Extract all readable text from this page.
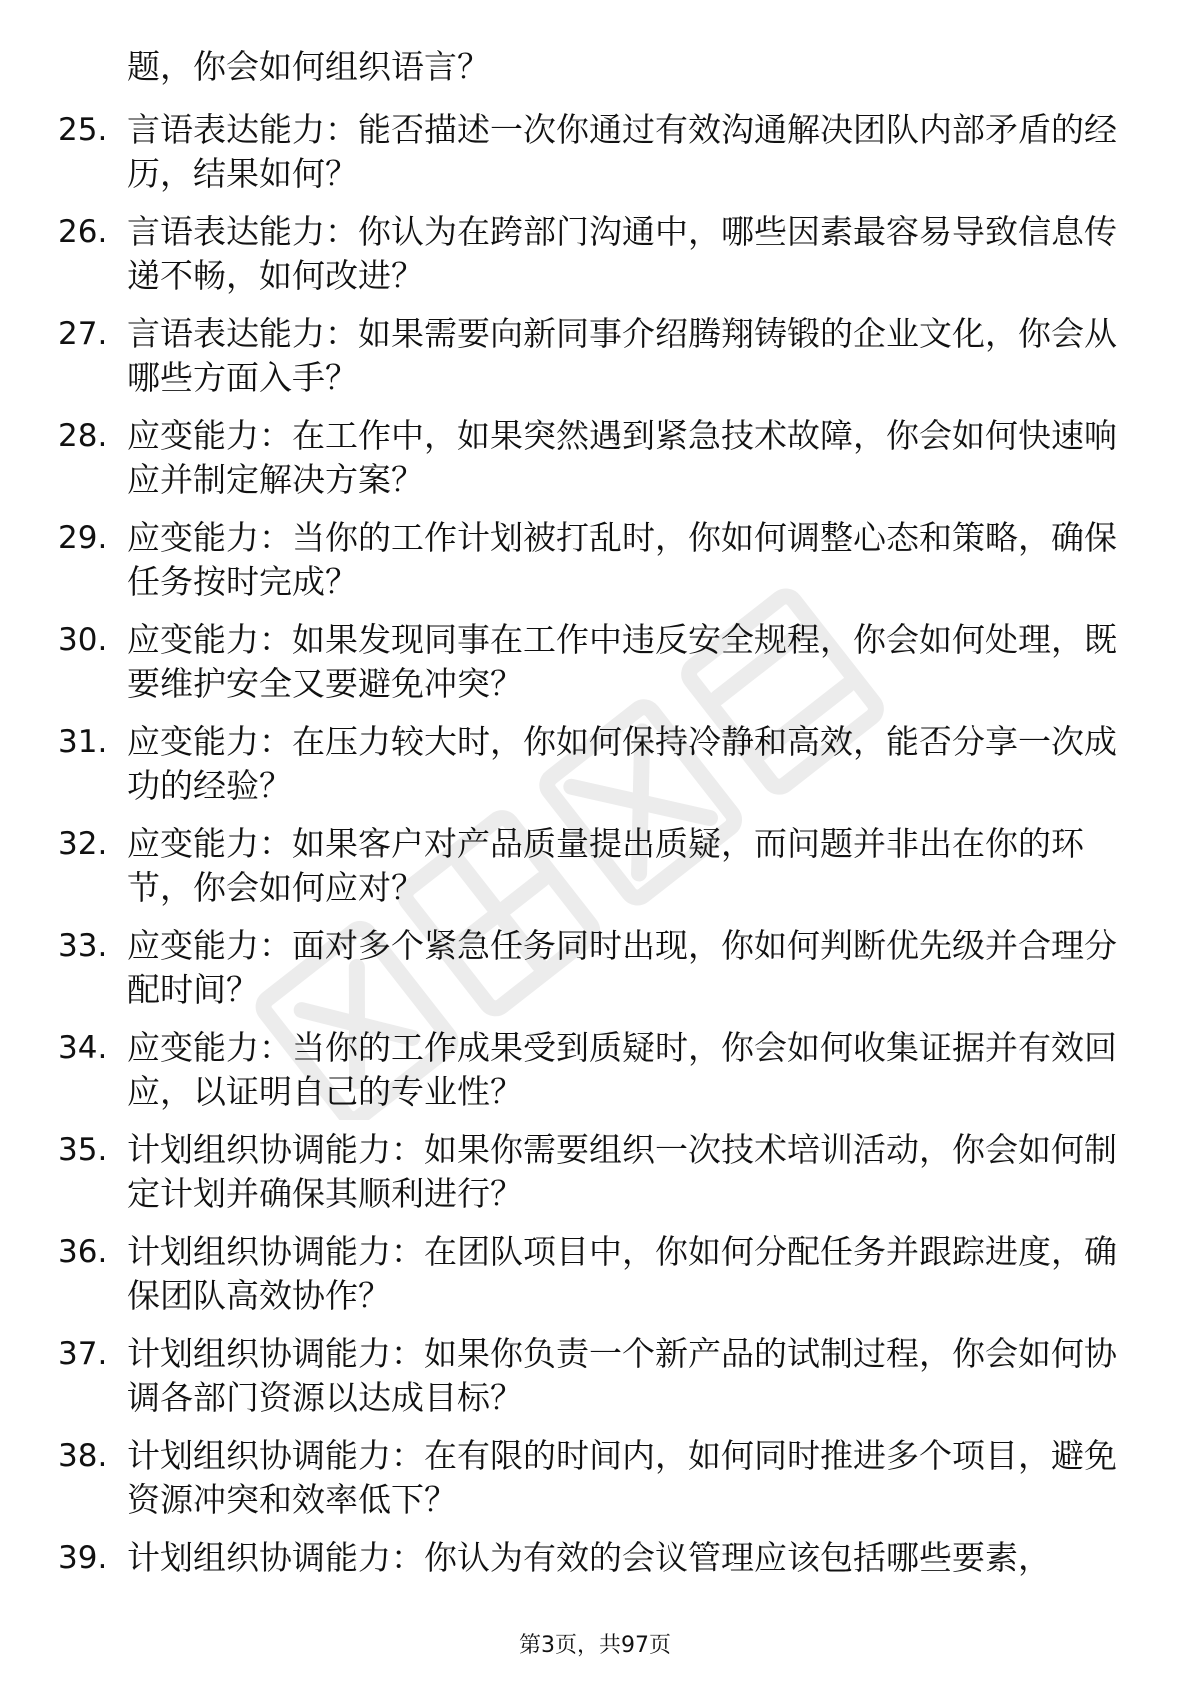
题，你会如何组织语言？
25. 言语表达能力：能否描述一次你通过有效沟通解决团队内部矛盾的经历，结果如何？
26. 言语表达能力：你认为在跨部门沟通中，哪些因素最容易导致信息传递不畅，如何改进？
27. 言语表达能力：如果需要向新同事介绍腾翔铸锻的企业文化，你会从哪些方面入手？
28. 应变能力：在工作中，如果突然遇到紧急技术故障，你会如何快速响应并制定解决方案？
29. 应变能力：当你的工作计划被打乱时，你如何调整心态和策略，确保任务按时完成？
30. 应变能力：如果发现同事在工作中违反安全规程，你会如何处理，既要维护安全又要避免冲突？
31. 应变能力：在压力较大时，你如何保持冷静和高效，能否分享一次成功的经验？
32. 应变能力：如果客户对产品质量提出质疑，而问题并非出在你的环节，你会如何应对？
33. 应变能力：面对多个紧急任务同时出现，你如何判断优先级并合理分配时间？
34. 应变能力：当你的工作成果受到质疑时，你会如何收集证据并有效回应，以证明自己的专业性？
35. 计划组织协调能力：如果你需要组织一次技术培训活动，你会如何制定计划并确保其顺利进行？
36. 计划组织协调能力：在团队项目中，你如何分配任务并跟踪进度，确保团队高效协作？
37. 计划组织协调能力：如果你负责一个新产品的试制过程，你会如何协调各部门资源以达成目标？
38. 计划组织协调能力：在有限的时间内，如何同时推进多个项目，避免资源冲突和效率低下？
39. 计划组织协调能力：你认为有效的会议管理应该包括哪些要素，
第3页，共97页
